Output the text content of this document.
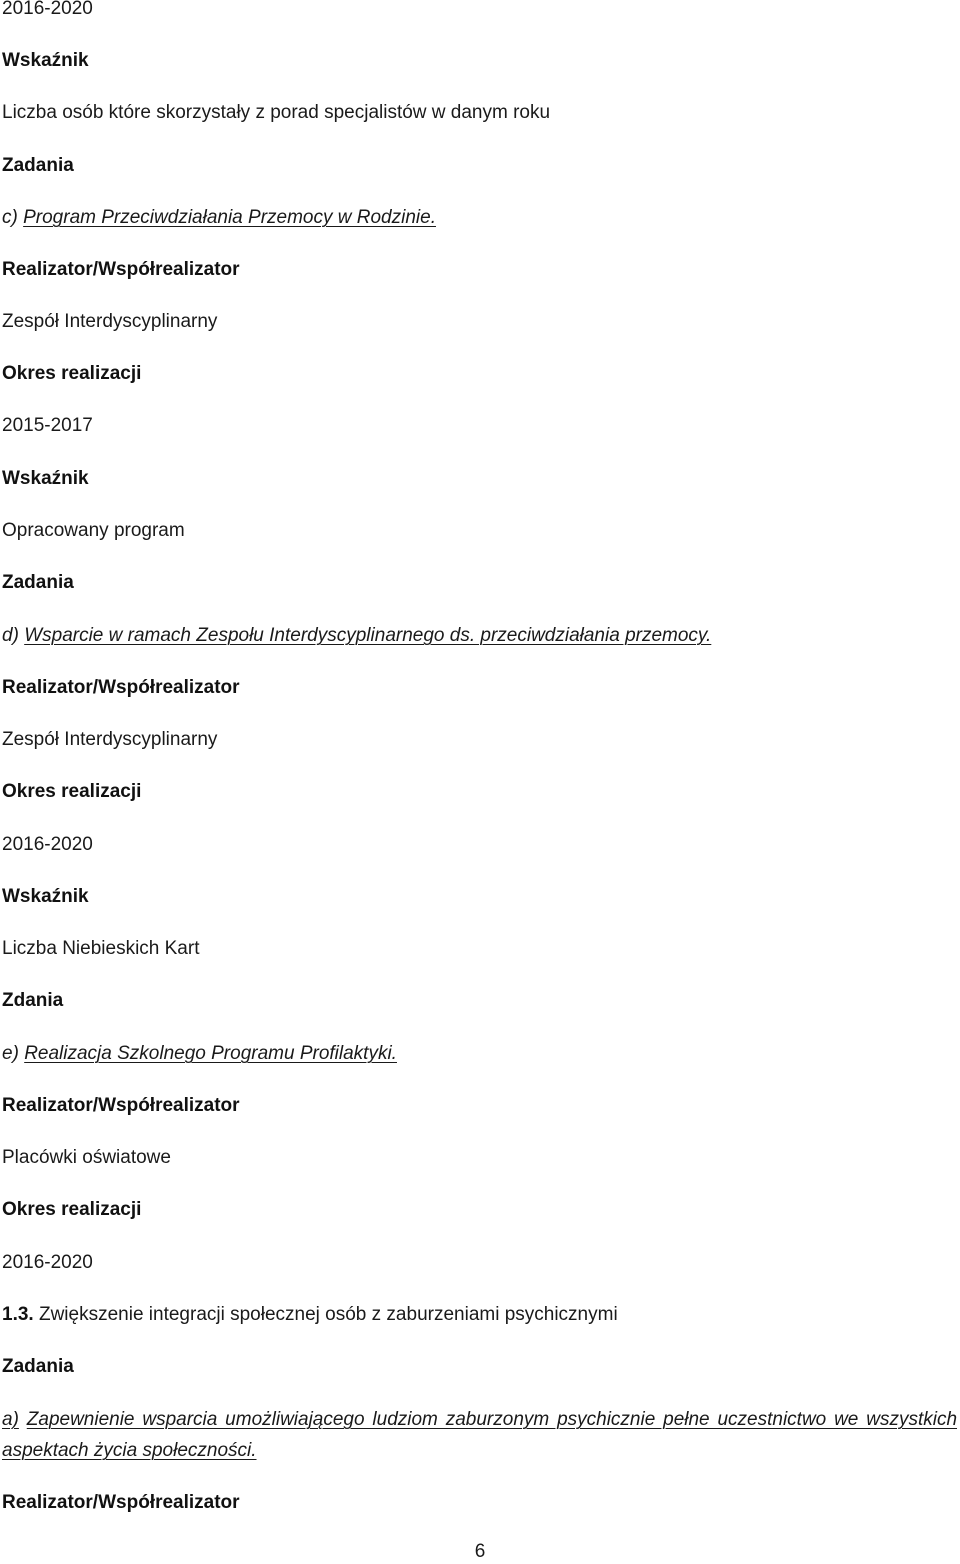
2016-2020
Wskaźnik
Liczba osób które skorzystały z porad specjalistów w danym roku
Zadania
c) Program Przeciwdziałania Przemocy w Rodzinie.
Realizator/Współrealizator
Zespół Interdyscyplinarny
Okres realizacji
2015-2017
Wskaźnik
Opracowany program
Zadania
d) Wsparcie w ramach Zespołu Interdyscyplinarnego ds. przeciwdziałania przemocy.
Realizator/Współrealizator
Zespół Interdyscyplinarny
Okres realizacji
2016-2020
Wskaźnik
Liczba Niebieskich Kart
Zdania
e) Realizacja Szkolnego Programu Profilaktyki.
Realizator/Współrealizator
Placówki oświatowe
Okres realizacji
2016-2020
1.3. Zwiększenie integracji społecznej osób z zaburzeniami psychicznymi
Zadania
a) Zapewnienie wsparcia umożliwiającego ludziom zaburzonym psychicznie pełne uczestnictwo we wszystkich aspektach życia społeczności.
Realizator/Współrealizator
6
